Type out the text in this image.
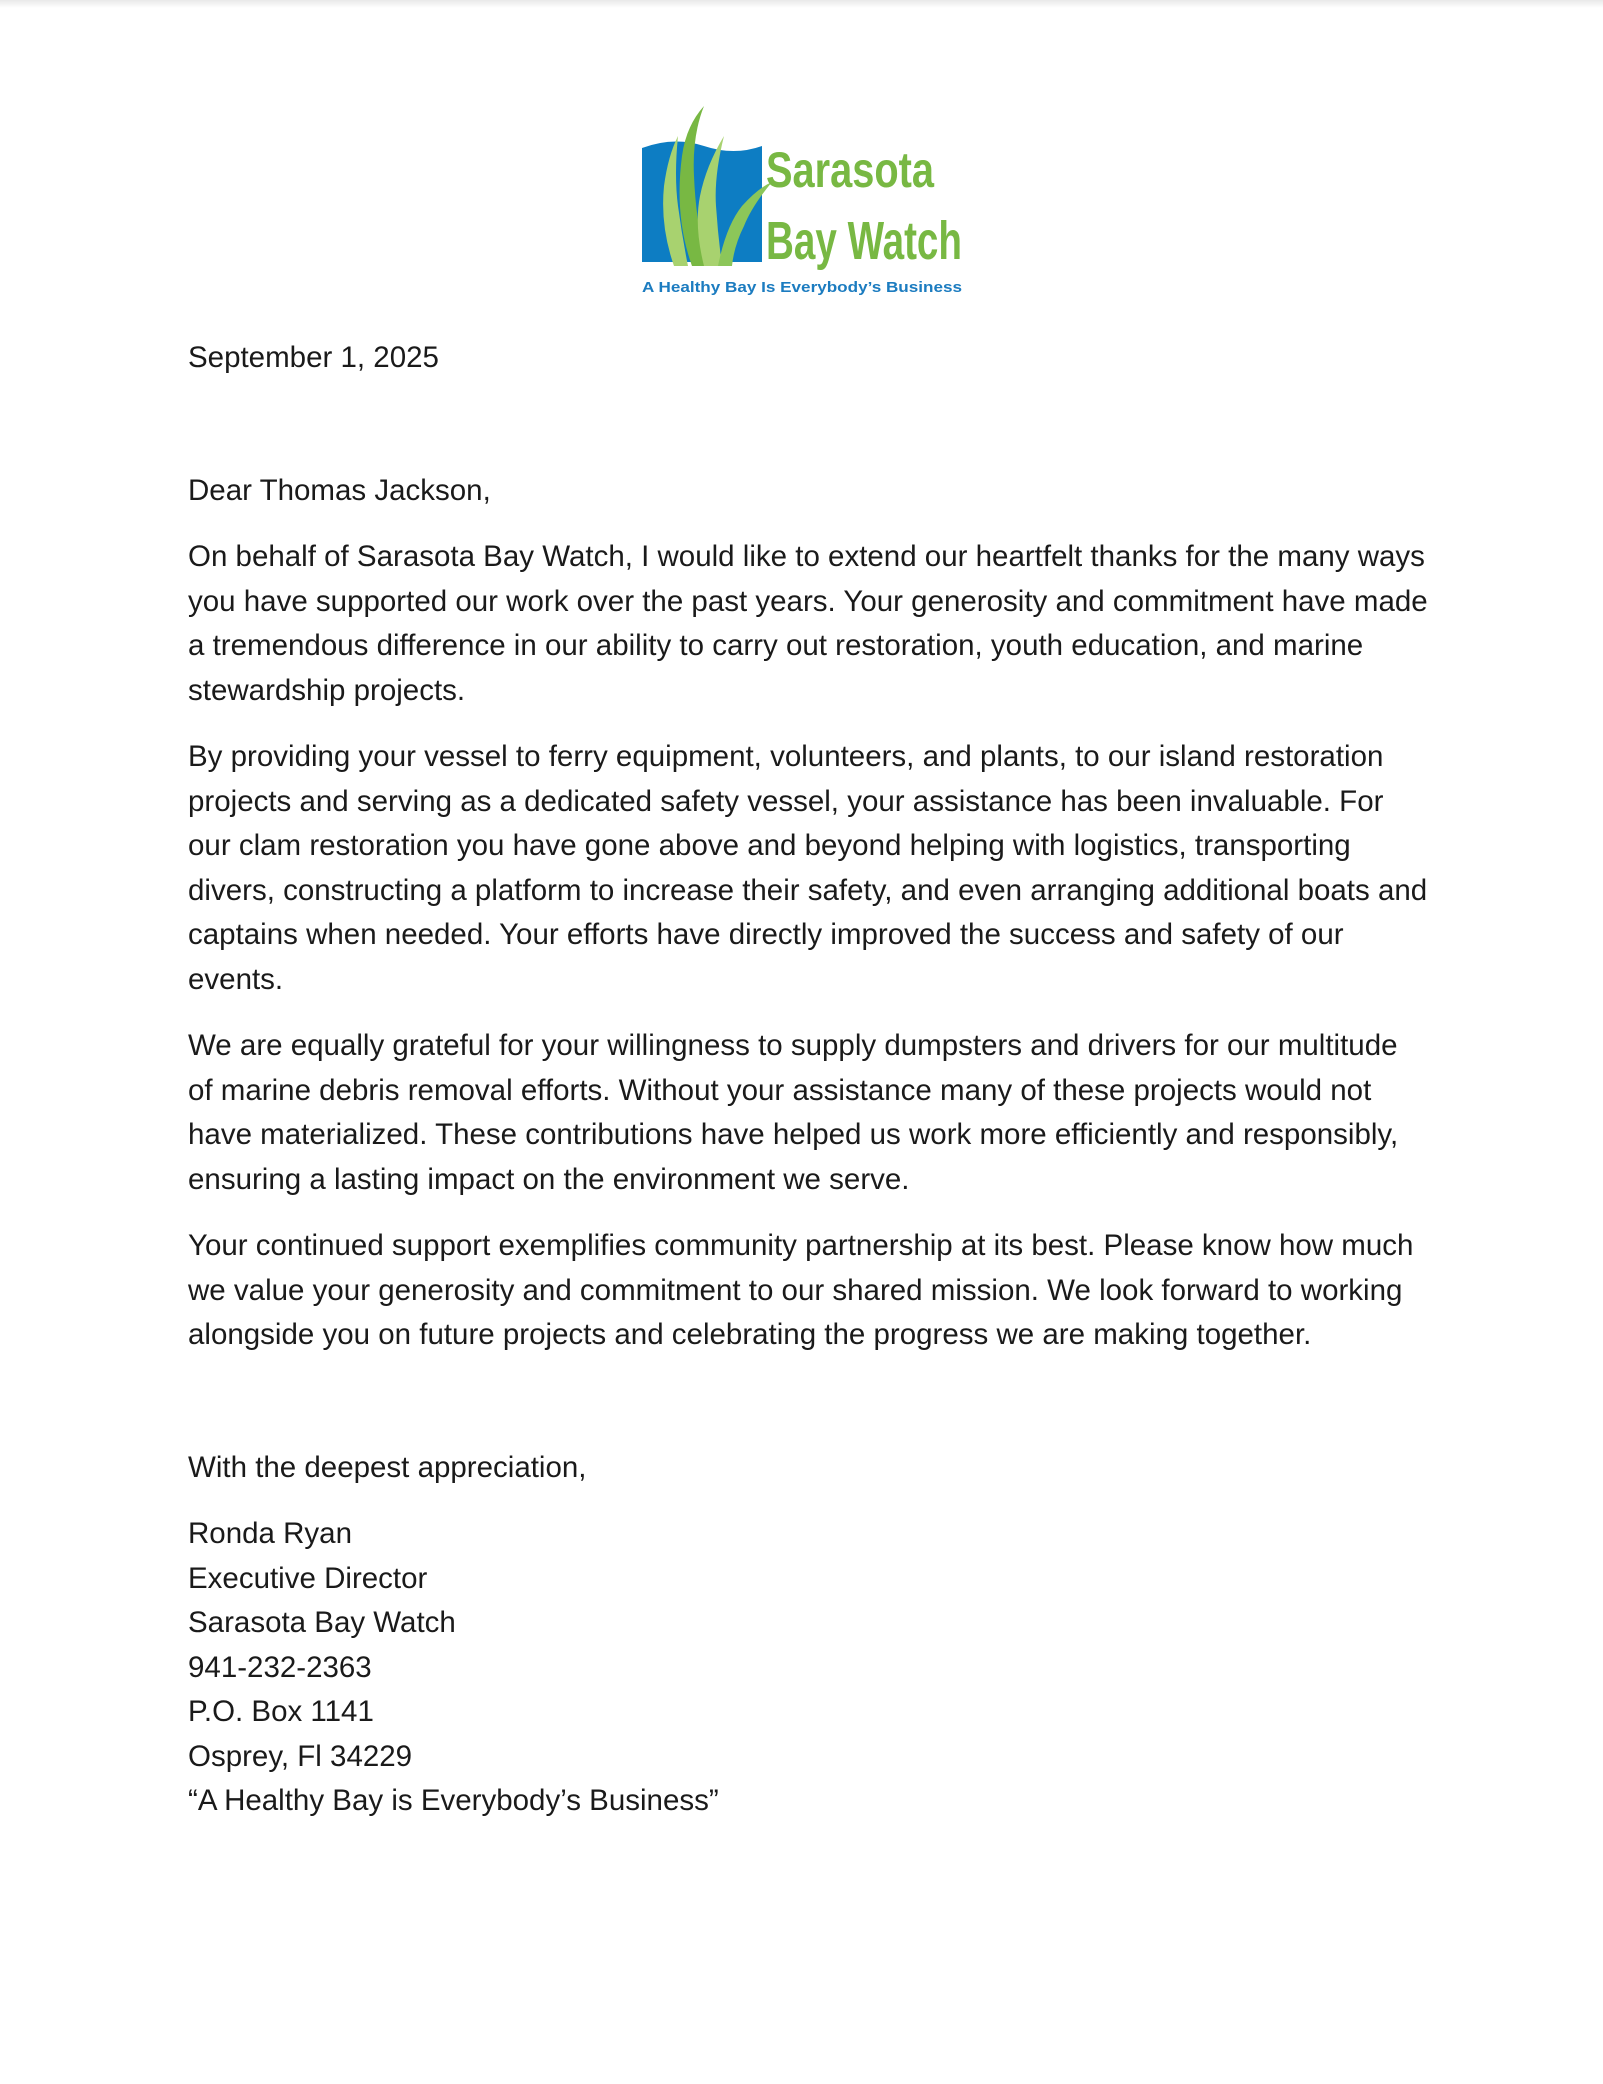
Sarasota
Bay Watch
A Healthy Bay Is Everybody’s Business

September 1, 2025

Dear Thomas Jackson,

On behalf of Sarasota Bay Watch, I would like to extend our heartfelt thanks for the many ways you have supported our work over the past years. Your generosity and commitment have made a tremendous difference in our ability to carry out restoration, youth education, and marine stewardship projects.

By providing your vessel to ferry equipment, volunteers, and plants, to our island restoration projects and serving as a dedicated safety vessel, your assistance has been invaluable. For our clam restoration you have gone above and beyond helping with logistics, transporting divers, constructing a platform to increase their safety, and even arranging additional boats and captains when needed. Your efforts have directly improved the success and safety of our events.

We are equally grateful for your willingness to supply dumpsters and drivers for our multitude of marine debris removal efforts. Without your assistance many of these projects would not have materialized. These contributions have helped us work more efficiently and responsibly, ensuring a lasting impact on the environment we serve.

Your continued support exemplifies community partnership at its best. Please know how much we value your generosity and commitment to our shared mission. We look forward to working alongside you on future projects and celebrating the progress we are making together.

With the deepest appreciation,

Ronda Ryan
Executive Director
Sarasota Bay Watch
941-232-2363
P.O. Box 1141
Osprey, Fl 34229
“A Healthy Bay is Everybody’s Business”
